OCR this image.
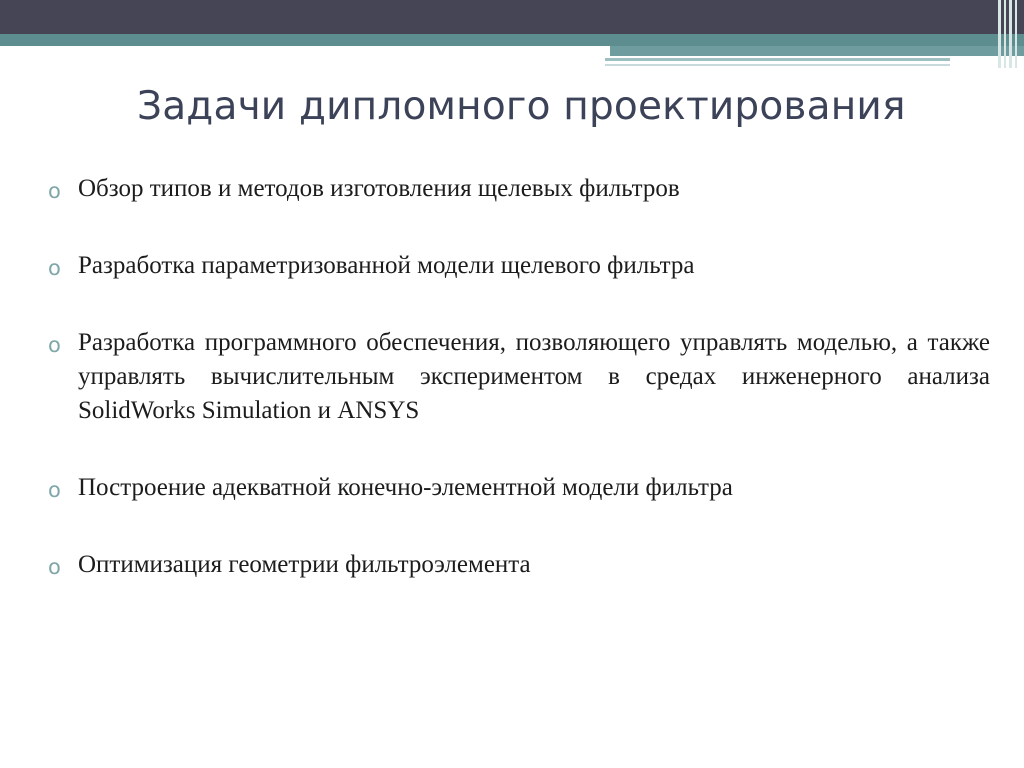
Задачи дипломного проектирования
o Обзор типов и методов изготовления щелевых фильтров
o Разработка параметризованной модели щелевого фильтра
o Разработка программного обеспечения, позволяющего управлять моделью, а также управлять вычислительным экспериментом в средах инженерного анализа SolidWorks Simulation и ANSYS
o Построение адекватной конечно-элементной модели фильтра
o Оптимизация геометрии фильтроэлемента
